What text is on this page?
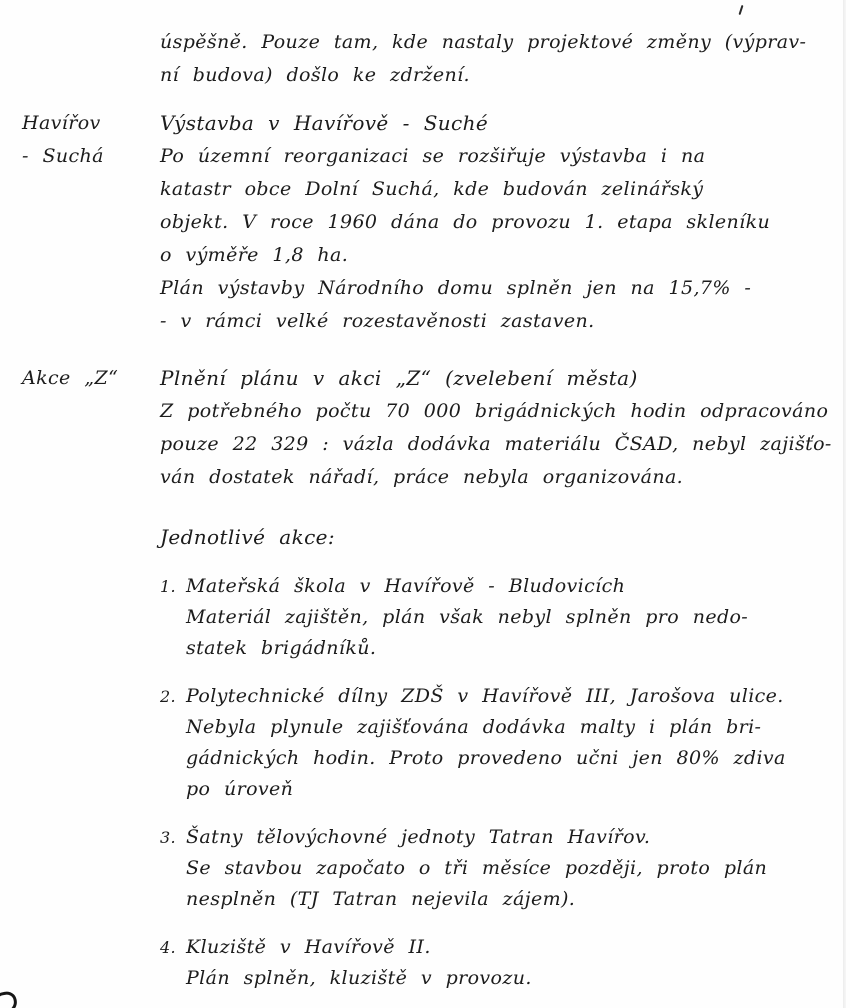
úspěšně. Pouze tam, kde nastaly projektové změny (výprav-
ní budova) došlo ke zdržení.
Havířov
- Suchá
Výstavba v Havířově - Suché
Po územní reorganizaci se rozšiřuje výstavba i na
katastr obce Dolní Suchá, kde budován zelinářský
objekt. V roce 1960 dána do provozu 1. etapa skleníku
o výměře 1,8 ha.
Plán výstavby Národního domu splněn jen na 15,7% -
- v rámci velké rozestavěnosti zastaven.
Akce „Z“	Plnění plánu v akci „Z“ (zvelebení města)
Z potřebného počtu 70 000 brigádnických hodin odpracováno
pouze 22 329 : vázla dodávka materiálu ČSAD, nebyl zajišťo-
ván dostatek nářadí, práce nebyla organizována.
Jednotlivé akce:
1. Mateřská škola v Havířově - Bludovicích
Materiál zajištěn, plán však nebyl splněn pro nedo-
statek brigádníků.
2. Polytechnické dílny ZDŠ v Havířově III, Jarošova ulice.
Nebyla plynule zajišťována dodávka malty i plán bri-
gádnických hodin. Proto provedeno učni jen 80% zdiva
po úroveň
3. Šatny tělovýchovné jednoty Tatran Havířov.
Se stavbou započato o tři měsíce později, proto plán
nesplněn (TJ Tatran nejevila zájem).
4. Kluziště v Havířově II.
Plán splněn, kluziště v provozu.
